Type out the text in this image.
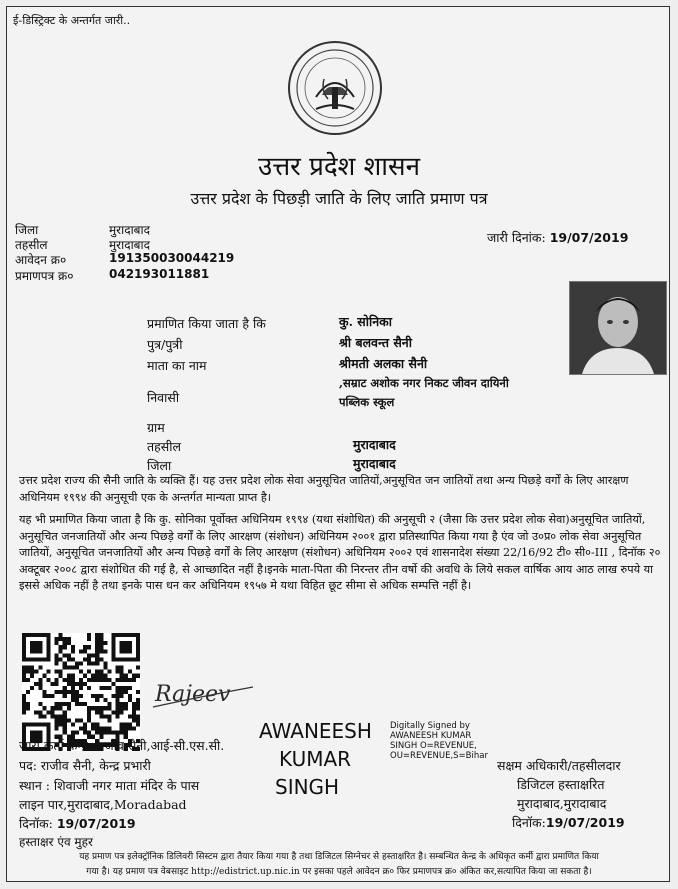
ई-डिस्ट्रिक्ट के अन्तर्गत जारी..
उत्तर प्रदेश शासन
उत्तर प्रदेश के पिछड़ी जाति के लिए जाति प्रमाण पत्र
जिला	मुरादाबाद
तहसील	मुरादाबाद
आवेदन क्र०	191350030044219
प्रमाणपत्र क्र०	042193011881
जारी दिनांक: 19/07/2019
प्रमाणित किया जाता है कि	कु. सोनिका
पुत्र/पुत्री	श्री बलवन्त सैनी
माता का नाम	श्रीमती अलका सैनी
,सम्राट अशोक नगर निकट जीवन दायिनी
निवासी	पब्लिक स्कूल
ग्राम
तहसील	मुरादाबाद
जिला	मुरादाबाद
उत्तर प्रदेश राज्य की सैनी जाति के व्यक्ति हैं। यह उत्तर प्रदेश लोक सेवा अनुसूचित जातियों,अनुसूचित जन जातियों तथा अन्य पिछड़े वर्गों के लिए आरक्षण अधिनियम १९९४ की अनुसूची एक के अन्तर्गत मान्यता प्राप्त है।
यह भी प्रमाणित किया जाता है कि कु. सोनिका पूर्वोक्त अधिनियम १९९४ (यथा संशोधित) की अनुसूची २ (जैसा कि उत्तर प्रदेश लोक सेवा)अनुसूचित जातियों, अनुसूचित जनजातियों और अन्य पिछड़े वर्गों के लिए आरक्षण (संशोधन) अधिनियम २००१ द्वारा प्रतिस्थापित किया गया है एंव जो उ०प्र० लोक सेवा अनुसूचित जातियों, अनुसूचित जनजातियों और अन्य पिछड़े वर्गों के लिए आरक्षण (संशोधन) अधिनियम २००२ एवं शासनादेश संख्या 22/16/92 टी० सी०-III , दिनॉक २० अक्टूबर २००८ द्वारा संशोधित की गई है, से आच्छादित नहीं है।इनके माता-पिता की निरन्तर तीन वर्षो की अवधि के लिये सकल वार्षिक आय आठ लाख रुपये या इससे अधिक नहीं है तथा इनके पास धन कर अधिनियम १९५७ मे यथा विहित छूट सीमा से अधिक सम्पत्ति नहीं है।
Rajeev
जारी कर्ता केन्द्र: राजीव सैनी,आई-सी.एस.सी.
पद: राजीव सैनी, केन्द्र प्रभारी
स्थान : शिवाजी नगर माता मंदिर के पास
लाइन पार,मुरादाबाद,Moradabad
दिनॉक: 19/07/2019
हस्ताक्षर एंव मुहर
AWANEESH
KUMAR
SINGH
Digitally Signed by
AWANEESH KUMAR
SINGH O=REVENUE,
OU=REVENUE,S=Bihar
सक्षम अधिकारी/तहसीलदार
डिजिटल हस्ताक्षरित
मुरादाबाद,मुरादाबाद
दिनॉक:19/07/2019
यह प्रमाण पत्र इलेक्ट्रॉनिक डिलिवरी सिस्टम द्वारा तैयार किया गया है तथा डिजिटल सिग्नेचर से हस्ताक्षरित है। सम्बन्धित केन्द्र के अधिकृत कर्मी द्वारा प्रमाणित किया
गया है। यह प्रमाण पत्र वेबसाइट http://edistrict.up.nic.in पर इसका पहले आवेदन क्र० फिर प्रमाणपत्र क्र० अंकित कर,सत्यापित किया जा सकता है।
